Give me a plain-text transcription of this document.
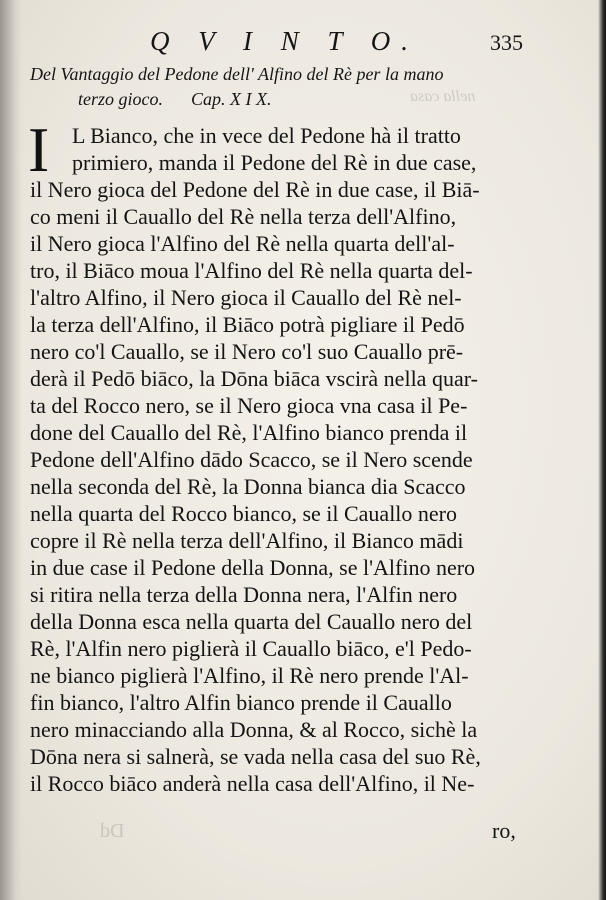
nella casa
Dd
Q V I N T O.	335
Del Vantaggio del Pedone dell' Alfino del Rè per la mano
terzo gioco. Cap. X I X.
I	L Bianco, che in vece del Pedone hà il tratto
primiero, manda il Pedone del Rè in due case,
il Nero gioca del Pedone del Rè in due case, il Biā-
co meni il Cauallo del Rè nella terza dell'Alfino,
il Nero gioca l'Alfino del Rè nella quarta dell'al-
tro, il Biāco moua l'Alfino del Rè nella quarta del-
l'altro Alfino, il Nero gioca il Cauallo del Rè nel-
la terza dell'Alfino, il Biāco potrà pigliare il Pedō
nero co'l Cauallo, se il Nero co'l suo Cauallo prē-
derà il Pedō biāco, la Dōna biāca vscirà nella quar-
ta del Rocco nero, se il Nero gioca vna casa il Pe-
done del Cauallo del Rè, l'Alfino bianco prenda il
Pedone dell'Alfino dādo Scacco, se il Nero scende
nella seconda del Rè, la Donna bianca dia Scacco
nella quarta del Rocco bianco, se il Cauallo nero
copre il Rè nella terza dell'Alfino, il Bianco mādi
in due case il Pedone della Donna, se l'Alfino nero
si ritira nella terza della Donna nera, l'Alfin nero
della Donna esca nella quarta del Cauallo nero del
Rè, l'Alfin nero piglierà il Cauallo biāco, e'l Pedo-
ne bianco piglierà l'Alfino, il Rè nero prende l'Al-
fin bianco, l'altro Alfin bianco prende il Cauallo
nero minacciando alla Donna, & al Rocco, sichè la
Dōna nera si salnerà, se vada nella casa del suo Rè,
il Rocco biāco anderà nella casa dell'Alfino, il Ne-
ro,
